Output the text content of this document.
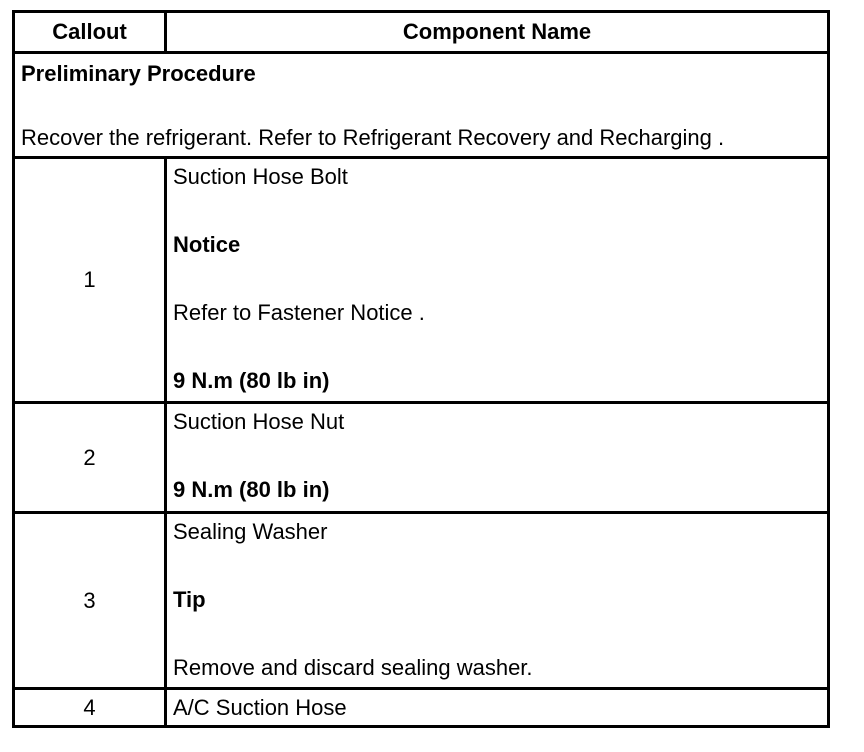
Callout	Component Name

Preliminary Procedure
Recover the refrigerant. Refer to Refrigerant Recovery and Recharging .	

1	Suction Hose Bolt
Notice
Refer to Fastener Notice .
9 N.m (80 lb in)

2	Suction Hose Nut
9 N.m (80 lb in)

3	Sealing Washer
Tip
Remove and discard sealing washer.

4	A/C Suction Hose
